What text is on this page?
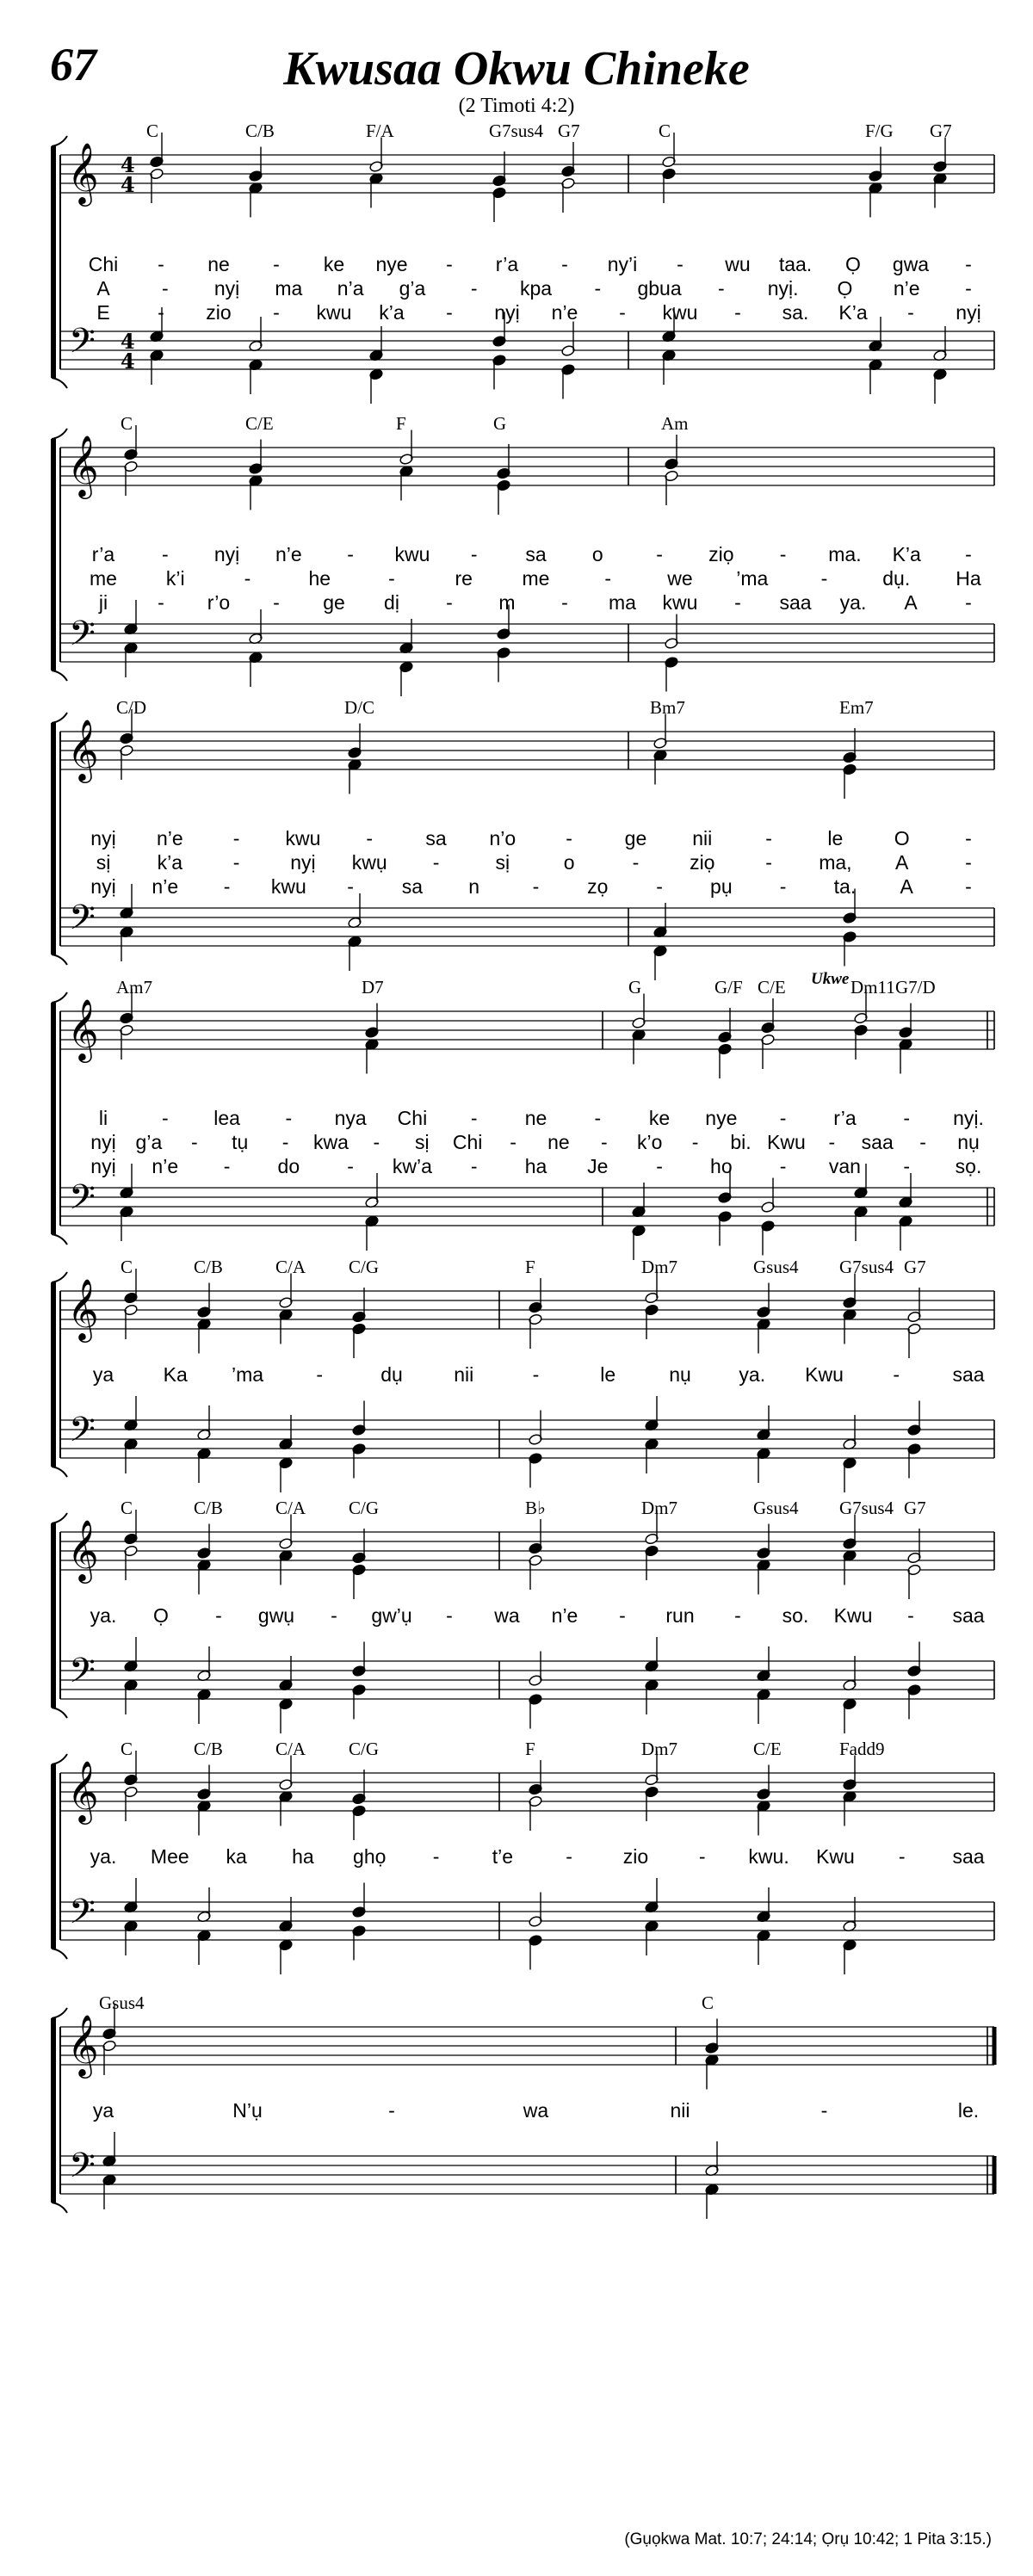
67	Kwusaa Okwu Chineke
(2 Timoti 4:2)
𝄞
𝄢
4
4
4
4
C	C/B	F/A	G7sus4 G7	C	F/G G7
Chi - ne - ke nye - r’a - ny’i - wu taa. Ọ gwa -
A	- nyị ma n’a g’a - kpa - gbua - nyị. Ọ n’e -
E - zio - kwu k’a - nyị n’e - kwu - sa. K’a - nyị
𝄞
𝄢
C	C/E	F	G	Am
r’a - nyị n’e - kwu - sa o	- ziọ - ma. K’a -
me k’i	-	he	-	re	me	-	we ’ma	-	dụ. Ha
ji	- r’o - ge dị - m - ma kwu - saa ya. A -
𝄞
𝄢
C/D	D/C	Bm7	Em7
nyị n’e	- kwu -	sa n’o	-	ge nii	-	le	O	-
sị k’a	-	nyị kwụ -	sị	o	-	ziọ	- ma, A	-
nyị n’e - kwu - sa n	- zọ - pụ - ta. A	-
𝄞
𝄢
Am7	D7	G	G/F C/E	Dm11 G7/D
Ukwe
li	- lea - nya Chi - ne - ke nye - r’a - nyị.
nyị g’a - tụ - kwa - sị Chi - ne - k’o - bi. Kwu - saa - nụ
nyị n’e - do - kw’a - ha Je - ho - van - sọ.
𝄞
𝄢
C	C/B	C/A C/G	F	Dm7	Gsus4 G7sus4 G7
ya	Ka ’ma	-	dụ	nii	-	le	nụ ya. Kwu	-	saa
𝄞
𝄢
C	C/B	C/A C/G	B♭	Dm7	Gsus4 G7sus4 G7
ya. Ọ - gwụ - gw’ụ - wa n’e - run - so. Kwu - saa
𝄞
𝄢
C	C/B	C/A C/G	F	Dm7	C/E	Fadd9
ya. Mee ka ha ghọ -	t’e	-	zio	- kwu. Kwu - saa
𝄞
𝄢
Gsus4	C
ya	N’ụ	-	wa	nii	-	le.
(Gụọkwa Mat. 10:7; 24:14; Ọrụ 10:42; 1 Pita 3:15.)
